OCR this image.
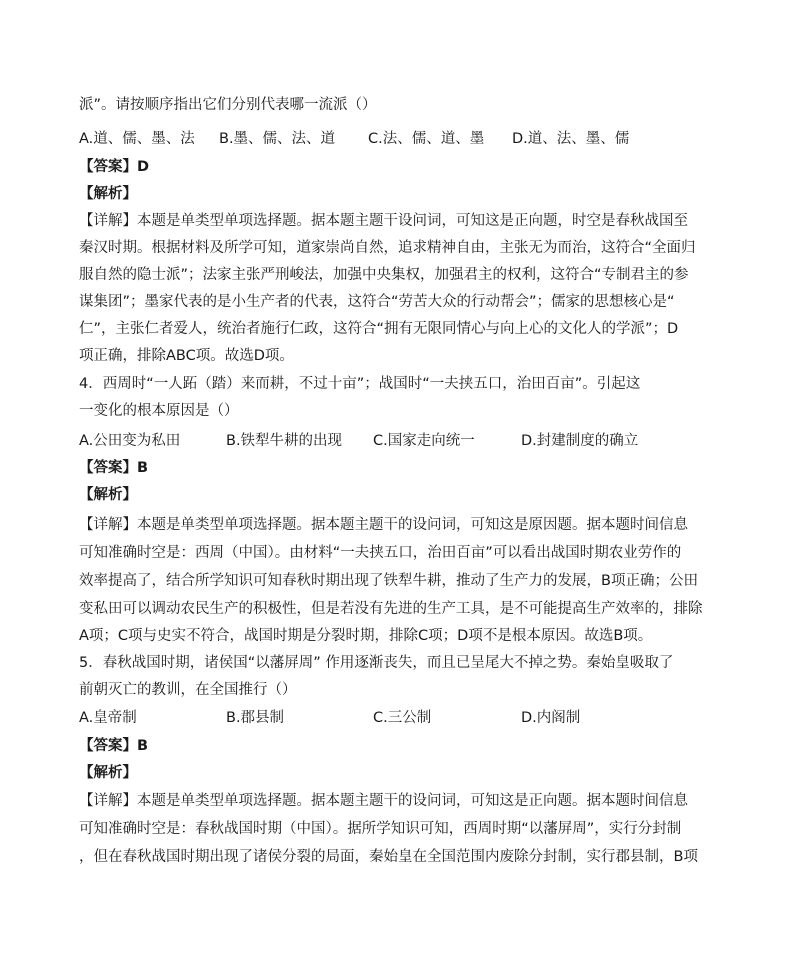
派”。请按顺序指出它们分别代表哪一流派（）
A.道、儒、墨、法 B.墨、儒、法、道 C.法、儒、道、墨 D.道、法、墨、儒
【答案】D
【解析】
【详解】本题是单类型单项选择题。据本题主题干设问词，可知这是正向题，时空是春秋战国至
秦汉时期。根据材料及所学可知，道家崇尚自然，追求精神自由，主张无为而治，这符合“全面归
服自然的隐士派”；法家主张严刑峻法，加强中央集权，加强君主的权利，这符合“专制君主的参
谋集团”；墨家代表的是小生产者的代表，这符合“劳苦大众的行动帮会”；儒家的思想核心是“
仁”，主张仁者爱人，统治者施行仁政，这符合“拥有无限同情心与向上心的文化人的学派”；D
项正确，排除ABC项。故选D项。
4．西周时“一人跖（踏）来而耕，不过十亩”；战国时“一夫挟五口，治田百亩”。引起这
一变化的根本原因是（）
A.公田变为私田	B.铁犁牛耕的出现 C.国家走向统一	D.封建制度的确立
【答案】B
【解析】
【详解】本题是单类型单项选择题。据本题主题干的设问词，可知这是原因题。据本题时间信息
可知准确时空是：西周（中国）。由材料“一夫挟五口，治田百亩”可以看出战国时期农业劳作的
效率提高了，结合所学知识可知春秋时期出现了铁犁牛耕，推动了生产力的发展，B项正确；公田
变私田可以调动农民生产的积极性，但是若没有先进的生产工具，是不可能提高生产效率的，排除
A项；C项与史实不符合，战国时期是分裂时期，排除C项；D项不是根本原因。故选B项。
5．春秋战国时期，诸侯国“以藩屏周” 作用逐渐丧失，而且已呈尾大不掉之势。秦始皇吸取了
前朝灭亡的教训，在全国推行（）
A.皇帝制	B.郡县制	C.三公制	D.内阁制
【答案】B
【解析】
【详解】本题是单类型单项选择题。据本题主题干的设问词，可知这是正向题。据本题时间信息
可知准确时空是：春秋战国时期（中国）。据所学知识可知，西周时期“以藩屏周”，实行分封制
，但在春秋战国时期出现了诸侯分裂的局面，秦始皇在全国范围内废除分封制，实行郡县制，B项
